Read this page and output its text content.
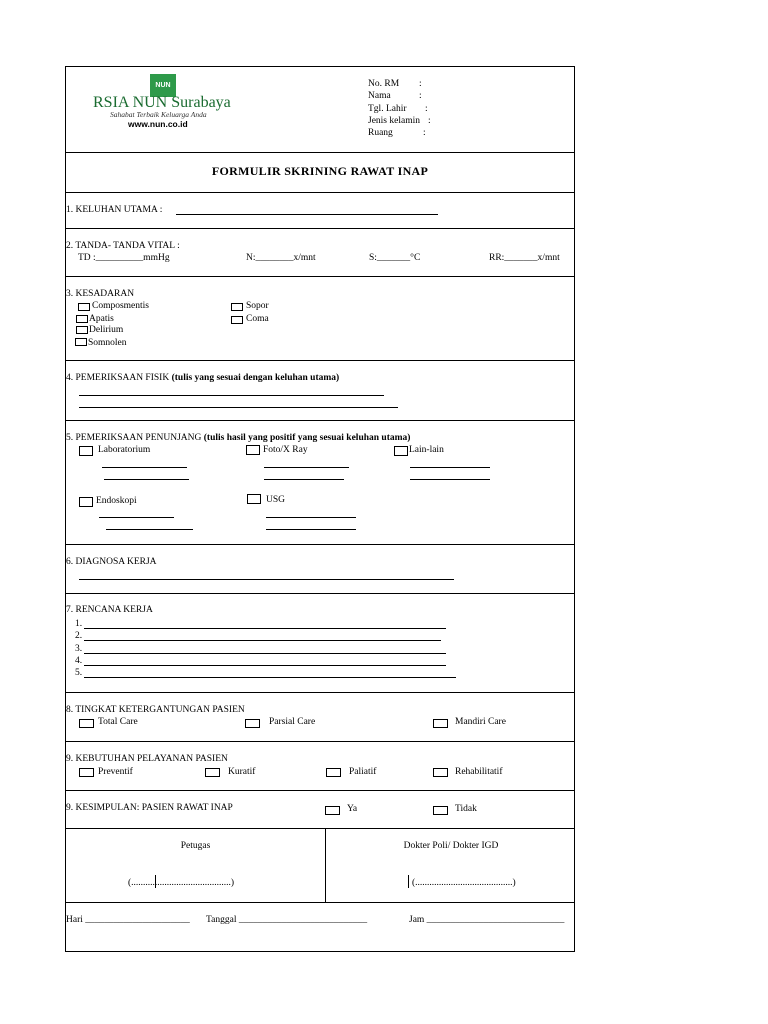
NUN
RSIA NUN Surabaya
Sahabat Terbaik Keluarga Anda
www.nun.co.id
No. RM :
Nama	:
Tgl. Lahir :
Jenis kelamin :
Ruang	:
FORMULIR SKRINING RAWAT INAP
1. KELUHAN UTAMA :
2. TANDA- TANDA VITAL :
TD :__________mmHg	N:________x/mnt	S:_______°C	RR:_______x/mnt
3. KESADARAN
Composmentis
Apatis
Delirium
Somnolen
Sopor
Coma
4. PEMERIKSAAN FISIK (tulis yang sesuai dengan keluhan utama)
5. PEMERIKSAAN PENUNJANG (tulis hasil yang positif yang sesuai keluhan utama)
Laboratorium	Foto/X Ray	Lain-lain
Endoskopi	USG
6. DIAGNOSA KERJA
7. RENCANA KERJA
1.
2.
3.
4.
5.
8. TINGKAT KETERGANTUNGAN PASIEN
Total Care	Parsial Care	Mandiri Care
9. KEBUTUHAN PELAYANAN PASIEN
Preventif	Kuratif	Paliatif	Rehabilitatif
9. KESIMPULAN: PASIEN RAWAT INAP	Ya	Tidak
Petugas	Dokter Poli/ Dokter IGD
(..........................................)	(.........................................)
Hari ______________________ Tanggal ___________________________	Jam _____________________________
